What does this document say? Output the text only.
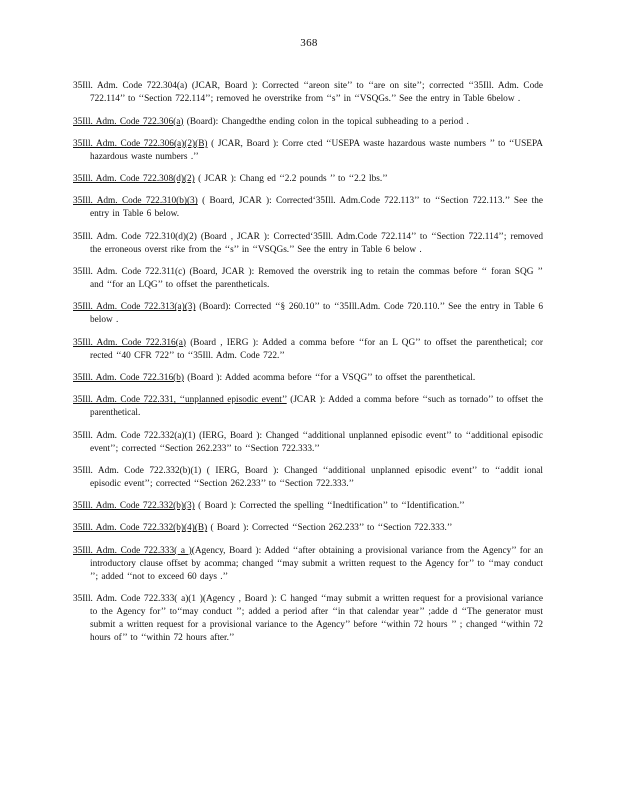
368

35Ill. Adm. Code 722.304(a) (JCAR, Board ): Corrected ‘‘areon site’’ to ‘‘are on site’’; corrected ‘‘35Ill. Adm. Code 722.114’’ to ‘‘Section 722.114’’; removed he overstrike from ‘‘s’’ in ‘‘VSQGs.’’ See the entry in Table 6below .

35Ill. Adm. Code 722.306(a) (Board): Changedthe ending colon in the topical subheading to a period .

35Ill. Adm. Code 722.306(a)(2)(B) ( JCAR, Board ): Corre cted ‘‘USEPA waste hazardous waste numbers ’’ to ‘‘USEPA hazardous waste numbers .’’

35Ill. Adm. Code 722.308(d)(2) ( JCAR ): Chang ed ‘‘2.2 pounds ’’ to ‘‘2.2 lbs.’’

35Ill. Adm. Code 722.310(b)(3) ( Board, JCAR ): Corrected‘35Ill. Adm.Code 722.113’’ to ‘‘Section 722.113.’’ See the entry in Table 6 below.

35Ill. Adm. Code 722.310(d)(2) (Board , JCAR ): Corrected‘35Ill. Adm.Code 722.114’’ to ‘‘Section 722.114’’; removed the erroneous overst rike from the ‘‘s’’ in ‘‘VSQGs.’’ See the entry in Table 6 below .

35Ill. Adm. Code 722.311(c) (Board, JCAR ): Removed the overstrik ing to retain the commas before ‘‘ foran SQG ’’ and ‘‘for an LQG’’ to offset the parentheticals.

35Ill. Adm. Code 722.313(a)(3) (Board): Corrected ‘‘§ 260.10’’ to ‘‘35Ill.Adm. Code 720.110.’’ See the entry in Table 6 below .

35Ill. Adm. Code 722.316(a) (Board , IERG ): Added a comma before ‘‘for an L QG’’ to offset the parenthetical; cor rected ‘‘40 CFR 722’’ to ‘‘35Ill. Adm. Code 722.’’

35Ill. Adm. Code 722.316(b) (Board ): Added acomma before ‘‘for a VSQG’’ to offset the parenthetical.

35Ill. Adm. Code 722.331, ‘‘unplanned episodic event’’ (JCAR ): Added a comma before ‘‘such as tornado’’ to offset the parenthetical.

35Ill. Adm. Code 722.332(a)(1) (IERG, Board ): Changed ‘‘additional unplanned episodic event’’ to ‘‘additional episodic event’’; corrected ‘‘Section 262.233’’ to ‘‘Section 722.333.’’

35Ill. Adm. Code 722.332(b)(1) ( IERG, Board ): Changed ‘‘additional unplanned episodic event’’ to ‘‘addit ional episodic event’’; corrected ‘‘Section 262.233’’ to ‘‘Section 722.333.’’

35Ill. Adm. Code 722.332(b)(3) ( Board ): Corrected the spelling ‘‘Inedtification’’ to ‘‘Identification.’’

35Ill. Adm. Code 722.332(b)(4)(B) ( Board ): Corrected ‘‘Section 262.233’’ to ‘‘Section 722.333.’’

35Ill. Adm. Code 722.333( a )(Agency, Board ): Added ‘‘after obtaining a provisional variance from the Agency’’ for an introductory clause offset by acomma; changed ‘‘may submit a written request to the Agency for’’ to ‘‘may conduct ’’; added ‘‘not to exceed 60 days .’’

35Ill. Adm. Code 722.333( a)(1 )(Agency , Board ): C hanged ‘‘may submit a written request for a provisional variance to the Agency for’’ to‘‘may conduct ’’; added a period after ‘‘in that calendar year’’ ;adde d ‘‘The generator must submit a written request for a provisional variance to the Agency’’ before ‘‘within 72 hours ’’ ; changed ‘‘within 72 hours of’’ to ‘‘within 72 hours after.’’
